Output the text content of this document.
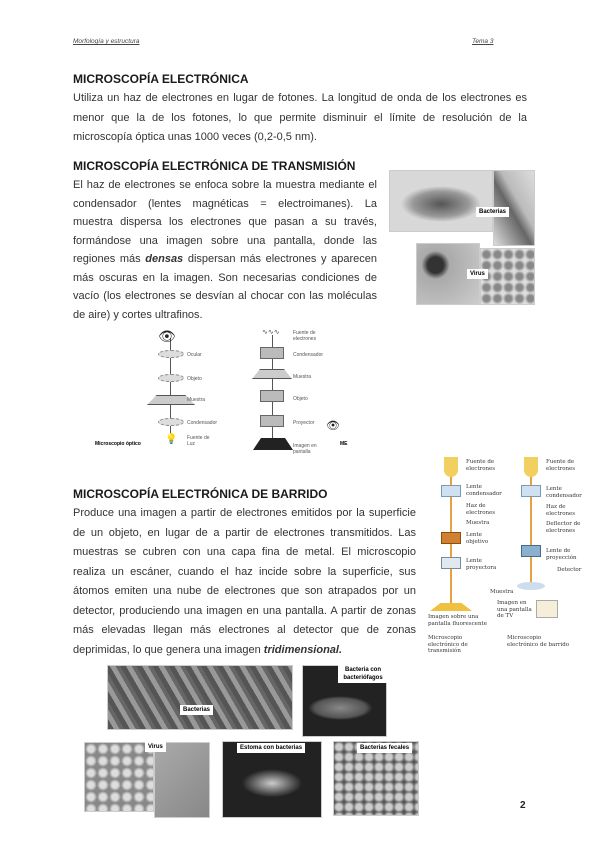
Morfología y estructura	Tema 3
MICROSCOPÍA ELECTRÓNICA
Utiliza un haz de electrones en lugar de fotones. La longitud de onda de los electrones es menor que la de los fotones, lo que permite disminuir el límite de resolución de la microscopía óptica unas 1000 veces (0,2-0,5 nm).
MICROSCOPÍA ELECTRÓNICA DE TRANSMISIÓN
El haz de electrones se enfoca sobre la muestra mediante el condensador (lentes magnéticas = electroimanes). La muestra dispersa los electrones que pasan a su través, formándose una imagen sobre una pantalla, donde las regiones más densas dispersan más electrones y aparecen más oscuras en la imagen. Son necesarias condiciones de vacío (los electrones se desvían al chocar con las moléculas de aire) y cortes ultrafinos.
Bacterias
Virus
👁
💡
Ocular
Objeto
Muestra
Condensador
Fuente de Luz
Microscopio óptico
∿∿∿
👁
Fuente de electrones
Condensador
Muestra
Objeto
Proyector
Imagen en pantalla
ME
MICROSCOPÍA ELECTRÓNICA DE BARRIDO
Produce una imagen a partir de electrones emitidos por la superficie de un objeto, en lugar de a partir de electrones transmitidos. Las muestras se cubren con una capa fina de metal. El microscopio realiza un escáner, cuando el haz incide sobre la superficie, sus átomos emiten una nube de electrones que son atrapados por un detector, produciendo una imagen en una pantalla. A partir de zonas más elevadas llegan más electrones al detector que de zonas deprimidas, lo que genera una imagen tridimensional.
Fuente de electrones
Lente condensador
Haz de electrones
Muestra
Lente objetivo
Lente proyectora
Imagen sobre una pantalla fluorescente
Fuente de electrones
Lente condensador
Haz de electrones
Deflector de electrones
Lente de proyección
Detector
Muestra
Imagen en una pantalla de TV
Microscopio electrónico de transmisión
Microscopio electrónico de barrido
Bacterias
Bacteria con bacteriófagos
Virus	Estoma con bacterias	Bacterias fecales
2
